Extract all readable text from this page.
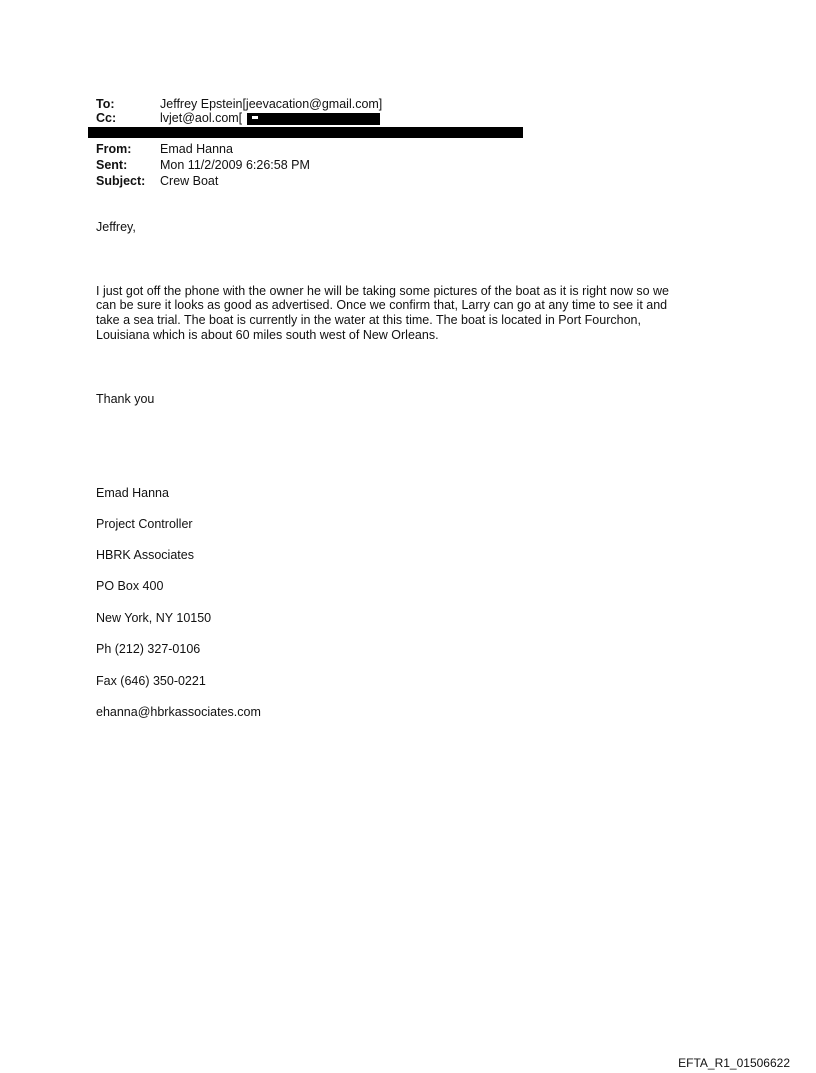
To:	Jeffrey Epstein[jeevacation@gmail.com]
Cc:	lvjet@aol.com[
From: Emad Hanna
Sent:	Mon 11/2/2009 6:26:58 PM
Subject: Crew Boat
Jeffrey,
I just got off the phone with the owner he will be taking some pictures of the boat as it is right now so we
can be sure it looks as good as advertised. Once we confirm that, Larry can go at any time to see it and
take a sea trial. The boat is currently in the water at this time. The boat is located in Port Fourchon,
Louisiana which is about 60 miles south west of New Orleans.
Thank you
Emad Hanna
Project Controller
HBRK Associates
PO Box 400
New York, NY 10150
Ph (212) 327-0106
Fax (646) 350-0221
ehanna@hbrkassociates.com
EFTA_R1_01506622
